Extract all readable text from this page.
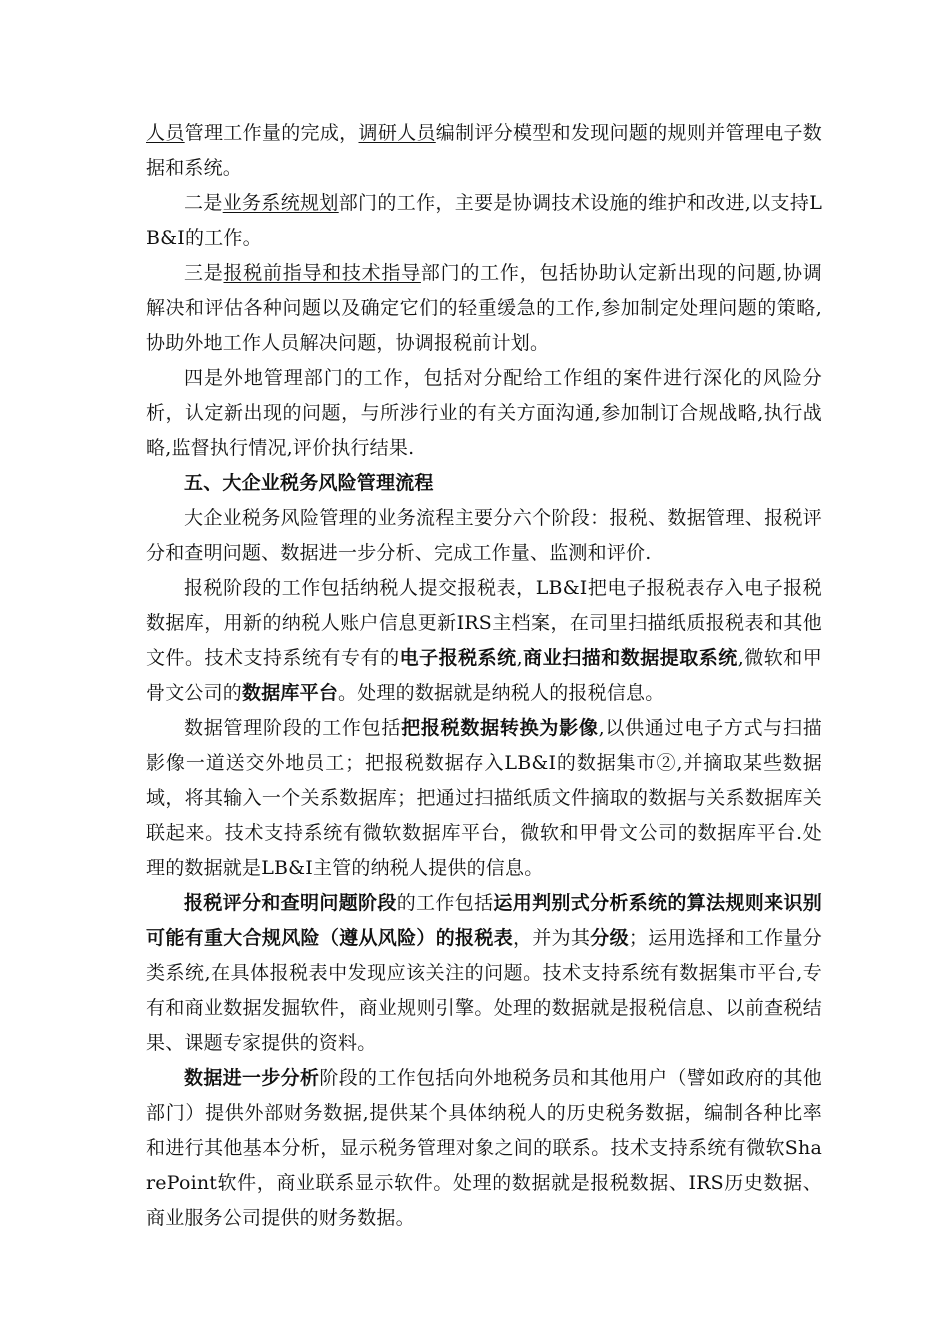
人员管理工作量的完成，调研人员编制评分模型和发现问题的规则并管理电子数据和系统。

二是业务系统规划部门的工作，主要是协调技术设施的维护和改进,以支持LB&I的工作。

三是报税前指导和技术指导部门的工作，包括协助认定新出现的问题,协调解决和评估各种问题以及确定它们的轻重缓急的工作,参加制定处理问题的策略,协助外地工作人员解决问题，协调报税前计划。

四是外地管理部门的工作，包括对分配给工作组的案件进行深化的风险分析，认定新出现的问题，与所涉行业的有关方面沟通,参加制订合规战略,执行战略,监督执行情况,评价执行结果.

五、大企业税务风险管理流程

大企业税务风险管理的业务流程主要分六个阶段：报税、数据管理、报税评分和查明问题、数据进一步分析、完成工作量、监测和评价.

报税阶段的工作包括纳税人提交报税表，LB&I把电子报税表存入电子报税数据库，用新的纳税人账户信息更新IRS主档案，在司里扫描纸质报税表和其他文件。技术支持系统有专有的电子报税系统,商业扫描和数据提取系统,微软和甲骨文公司的数据库平台。处理的数据就是纳税人的报税信息。

数据管理阶段的工作包括把报税数据转换为影像,以供通过电子方式与扫描影像一道送交外地员工；把报税数据存入LB&I的数据集市②,并摘取某些数据域，将其输入一个关系数据库；把通过扫描纸质文件摘取的数据与关系数据库关联起来。技术支持系统有微软数据库平台，微软和甲骨文公司的数据库平台.处理的数据就是LB&I主管的纳税人提供的信息。

报税评分和查明问题阶段的工作包括运用判别式分析系统的算法规则来识别可能有重大合规风险（遵从风险）的报税表，并为其分级；运用选择和工作量分类系统,在具体报税表中发现应该关注的问题。技术支持系统有数据集市平台,专有和商业数据发掘软件，商业规则引擎。处理的数据就是报税信息、以前查税结果、课题专家提供的资料。

数据进一步分析阶段的工作包括向外地税务员和其他用户（譬如政府的其他部门）提供外部财务数据,提供某个具体纳税人的历史税务数据，编制各种比率和进行其他基本分析，显示税务管理对象之间的联系。技术支持系统有微软SharePoint软件，商业联系显示软件。处理的数据就是报税数据、IRS历史数据、商业服务公司提供的财务数据。
